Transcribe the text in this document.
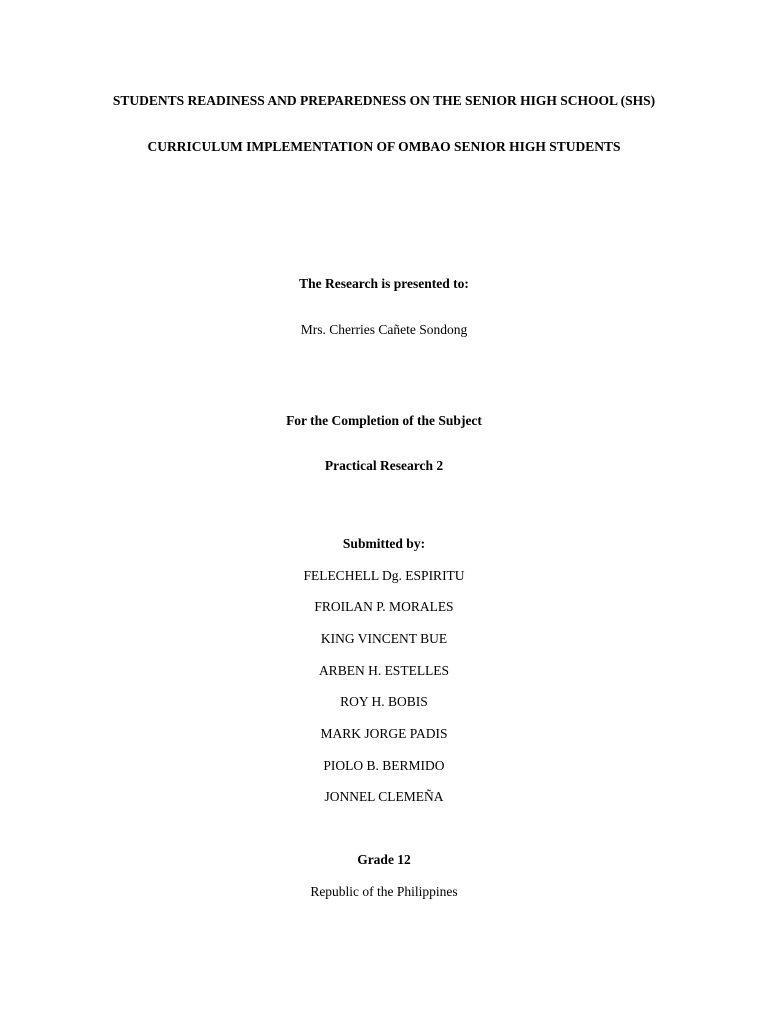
STUDENTS READINESS AND PREPAREDNESS ON THE SENIOR HIGH SCHOOL (SHS)
CURRICULUM IMPLEMENTATION OF OMBAO SENIOR HIGH STUDENTS
The Research is presented to:
Mrs. Cherries Cañete Sondong
For the Completion of the Subject
Practical Research 2
Submitted by:
FELECHELL Dg. ESPIRITU
FROILAN P. MORALES
KING VINCENT BUE
ARBEN H. ESTELLES
ROY H. BOBIS
MARK JORGE PADIS
PIOLO B. BERMIDO
JONNEL CLEMEÑA
Grade 12
Republic of the Philippines
